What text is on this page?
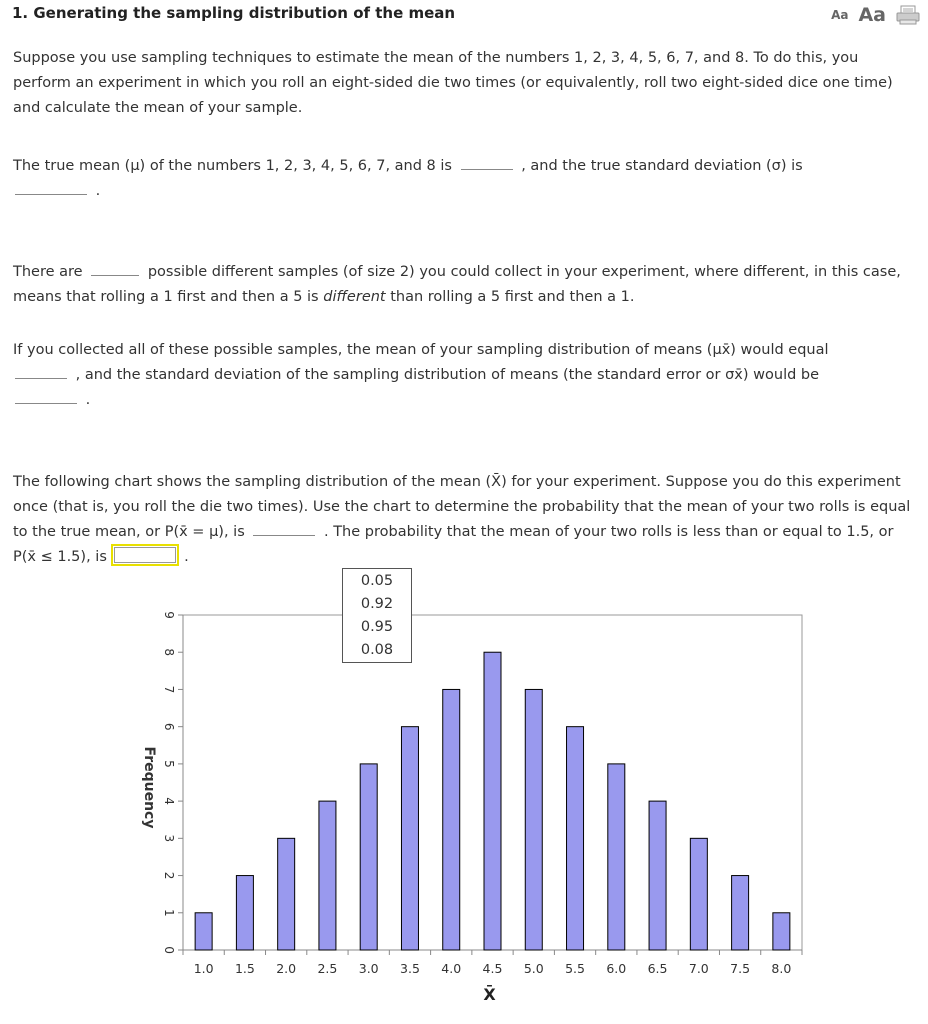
1. Generating the sampling distribution of the mean	Aa Aa
Suppose you use sampling techniques to estimate the mean of the numbers 1, 2, 3, 4, 5, 6, 7, and 8. To do this, you perform an experiment in which you roll an eight-sided die two times (or equivalently, roll two eight-sided dice one time) and calculate the mean of your sample.
The true mean (μ) of the numbers 1, 2, 3, 4, 5, 6, 7, and 8 is	, and the true standard deviation (σ) is
.
There are	possible different samples (of size 2) you could collect in your experiment, where different, in this case, means that rolling a 1 first and then a 5 is different than rolling a 5 first and then a 1.
If you collected all of these possible samples, the mean of your sampling distribution of means (μx̄) would equal
, and the standard deviation of the sampling distribution of means (the standard error or σx̄) would be
.
The following chart shows the sampling distribution of the mean (X̄) for your experiment. Suppose you do this experiment once (that is, you roll the die two times). Use the chart to determine the probability that the mean of your two rolls is equal to the true mean, or P(x̄ = μ), is	. The probability that the mean of your two rolls is less than or equal to 1.5, or P(x̄ ≤ 1.5), is	.
0
1
2
3
4
5
6
7
8
9
1.0 1.5 2.0 2.5 3.0 3.5 4.0 4.5 5.0 5.5 6.0 6.5 7.0 7.5 8.0
X̄
Frequency
0.05
0.92
0.95
0.08
